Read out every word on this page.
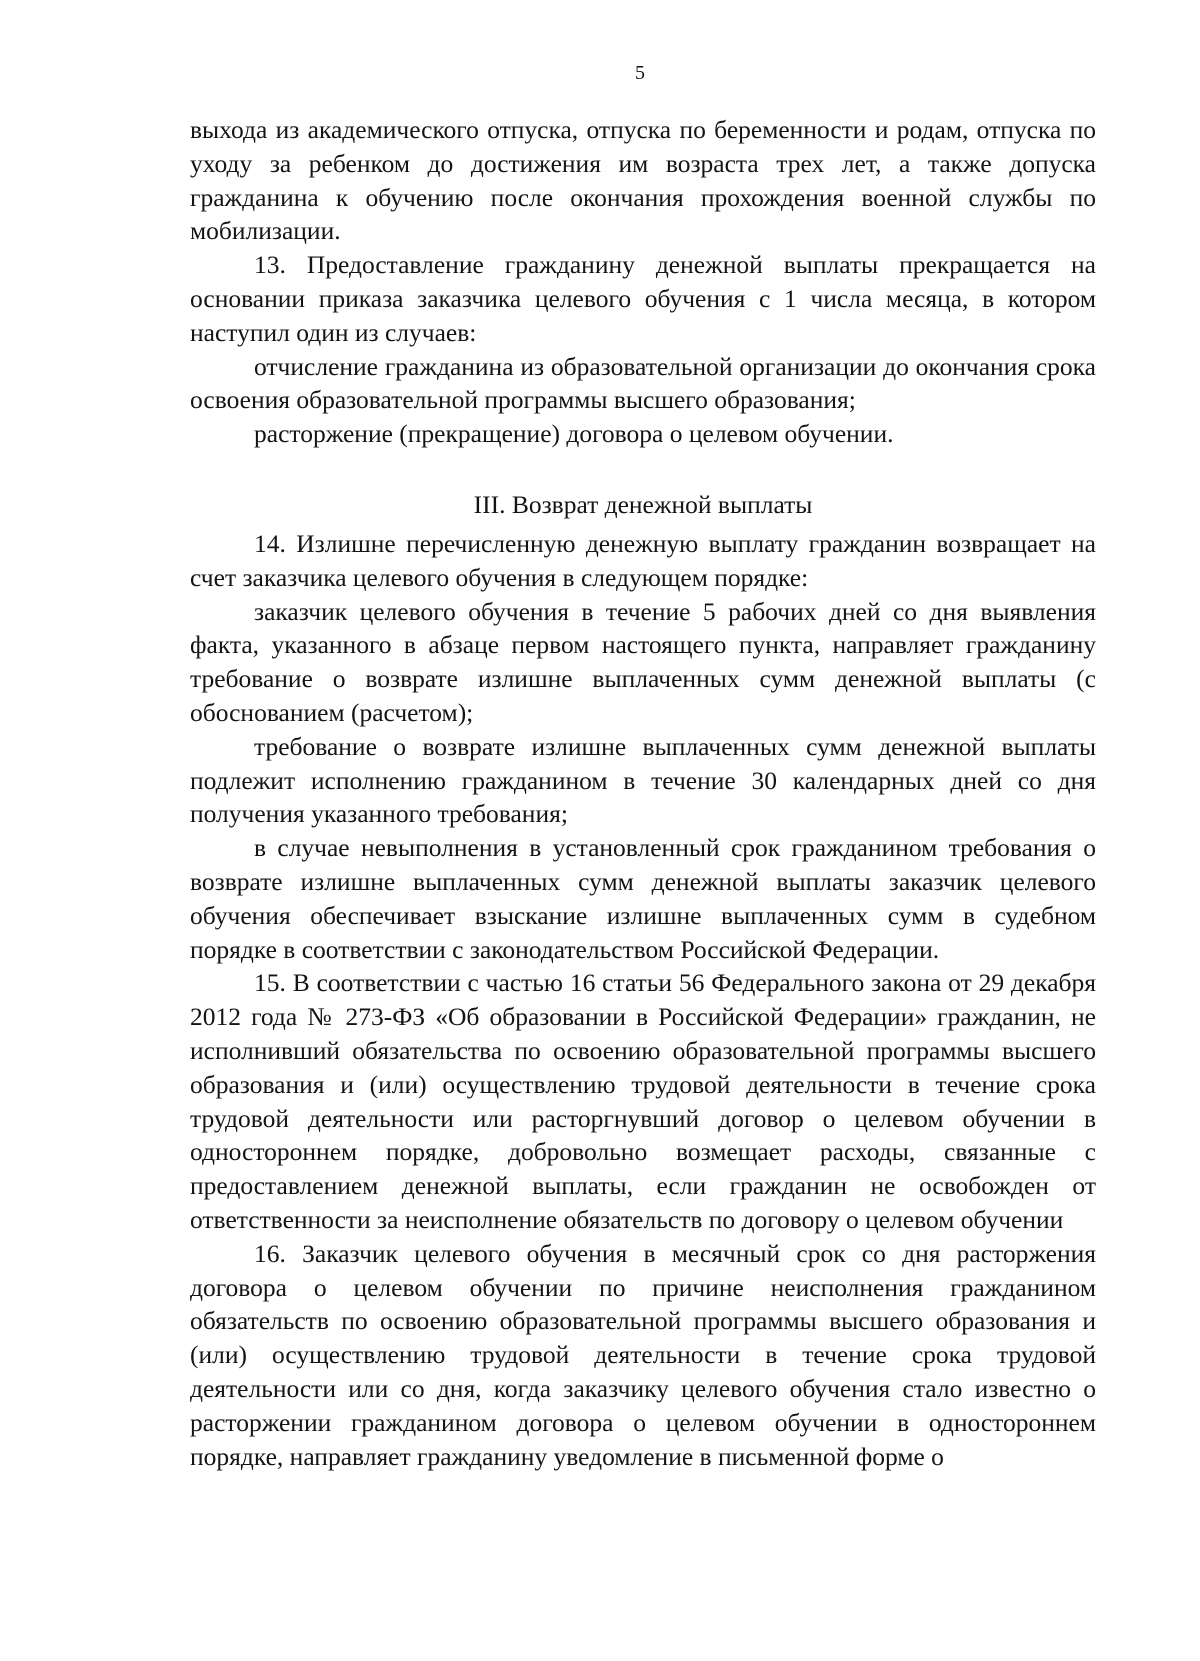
5

выхода из академического отпуска, отпуска по беременности и родам, отпуска по уходу за ребенком до достижения им возраста трех лет, а также допуска гражданина к обучению после окончания прохождения военной службы по мобилизации.

13. Предоставление гражданину денежной выплаты прекращается на основании приказа заказчика целевого обучения с 1 числа месяца, в котором наступил один из случаев:

отчисление гражданина из образовательной организации до окончания срока освоения образовательной программы высшего образования;

расторжение (прекращение) договора о целевом обучении.

III. Возврат денежной выплаты

14. Излишне перечисленную денежную выплату гражданин возвращает на счет заказчика целевого обучения в следующем порядке:

заказчик целевого обучения в течение 5 рабочих дней со дня выявления факта, указанного в абзаце первом настоящего пункта, направляет гражданину требование о возврате излишне выплаченных сумм денежной выплаты (с обоснованием (расчетом);

требование о возврате излишне выплаченных сумм денежной выплаты подлежит исполнению гражданином в течение 30 календарных дней со дня получения указанного требования;

в случае невыполнения в установленный срок гражданином требования о возврате излишне выплаченных сумм денежной выплаты заказчик целевого обучения обеспечивает взыскание излишне выплаченных сумм в судебном порядке в соответствии с законодательством Российской Федерации.

15. В соответствии с частью 16 статьи 56 Федерального закона от 29 декабря 2012 года № 273-ФЗ «Об образовании в Российской Федерации» гражданин, не исполнивший обязательства по освоению образовательной программы высшего образования и (или) осуществлению трудовой деятельности в течение срока трудовой деятельности или расторгнувший договор о целевом обучении в одностороннем порядке, добровольно возмещает расходы, связанные с предоставлением денежной выплаты, если гражданин не освобожден от ответственности за неисполнение обязательств по договору о целевом обучении

16. Заказчик целевого обучения в месячный срок со дня расторжения договора о целевом обучении по причине неисполнения гражданином обязательств по освоению образовательной программы высшего образования и (или) осуществлению трудовой деятельности в течение срока трудовой деятельности или со дня, когда заказчику целевого обучения стало известно о расторжении гражданином договора о целевом обучении в одностороннем порядке, направляет гражданину уведомление в письменной форме о
